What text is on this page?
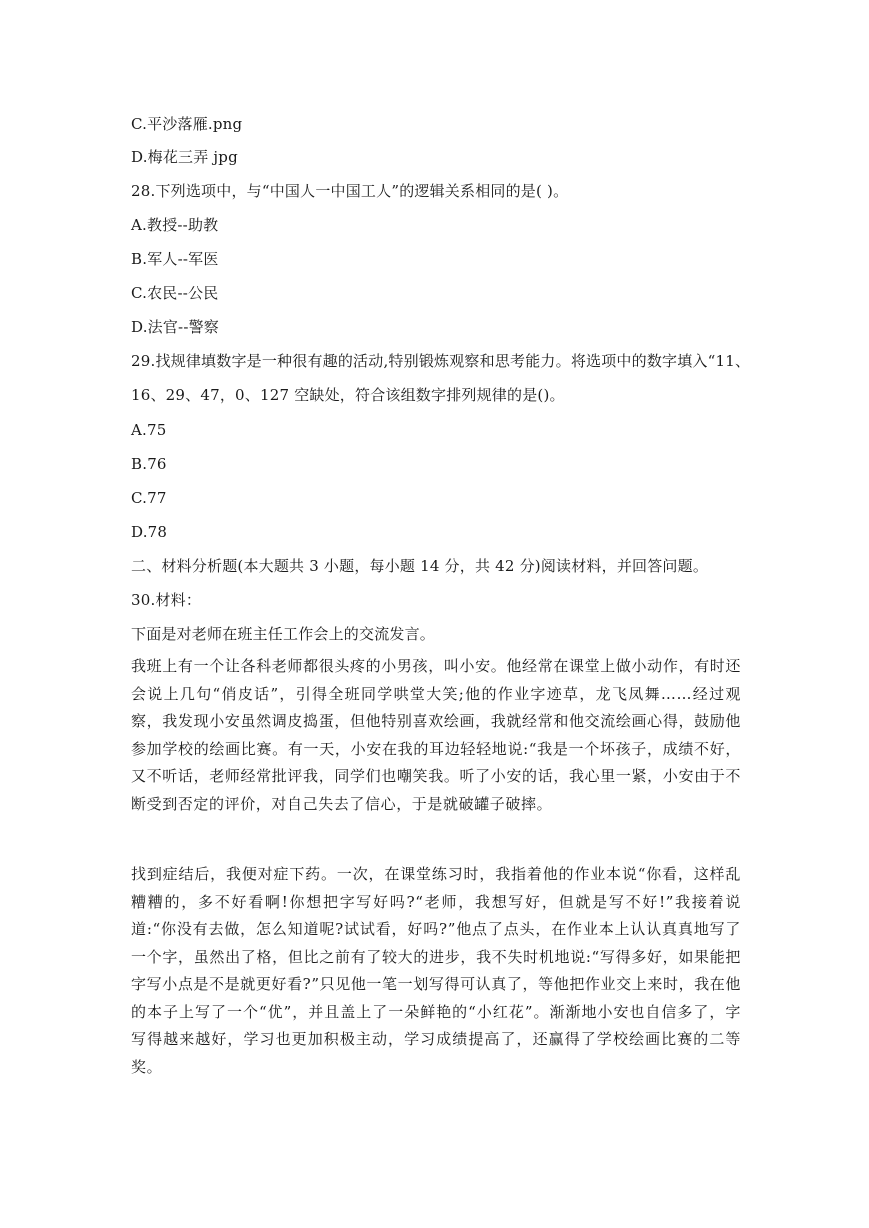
C.平沙落雁.png
D.梅花三弄 jpg
28.下列选项中，与“中国人一中国工人”的逻辑关系相同的是( )。
A.教授--助教
B.军人--军医
C.农民--公民
D.法官--警察
29.找规律填数字是一种很有趣的活动,特别锻炼观察和思考能力。将选项中的数字填入“11、
16、29、47，0、127 空缺处，符合该组数字排列规律的是()。
A.75
B.76
C.77
D.78
二、材料分析题(本大题共 3 小题，每小题 14 分，共 42 分)阅读材料，并回答问题。
30.材料：
下面是对老师在班主任工作会上的交流发言。
我班上有一个让各科老师都很头疼的小男孩，叫小安。他经常在课堂上做小动作，有时还会说上几句“俏皮话”，引得全班同学哄堂大笑;他的作业字迹草，龙飞凤舞……经过观察，我发现小安虽然调皮捣蛋，但他特别喜欢绘画，我就经常和他交流绘画心得，鼓励他参加学校的绘画比赛。有一天，小安在我的耳边轻轻地说:“我是一个坏孩子，成绩不好，又不听话，老师经常批评我，同学们也嘲笑我。听了小安的话，我心里一紧，小安由于不断受到否定的评价，对自己失去了信心，于是就破罐子破摔。
找到症结后，我便对症下药。一次，在课堂练习时，我指着他的作业本说“你看，这样乱糟糟的，多不好看啊!你想把字写好吗?“老师，我想写好，但就是写不好!”我接着说道:“你没有去做，怎么知道呢?试试看，好吗?”他点了点头，在作业本上认认真真地写了一个字，虽然出了格，但比之前有了较大的进步，我不失时机地说:“写得多好，如果能把字写小点是不是就更好看?”只见他一笔一划写得可认真了，等他把作业交上来时，我在他的本子上写了一个“优”，并且盖上了一朵鲜艳的“小红花”。渐渐地小安也自信多了，字写得越来越好，学习也更加积极主动，学习成绩提高了，还赢得了学校绘画比赛的二等奖。
